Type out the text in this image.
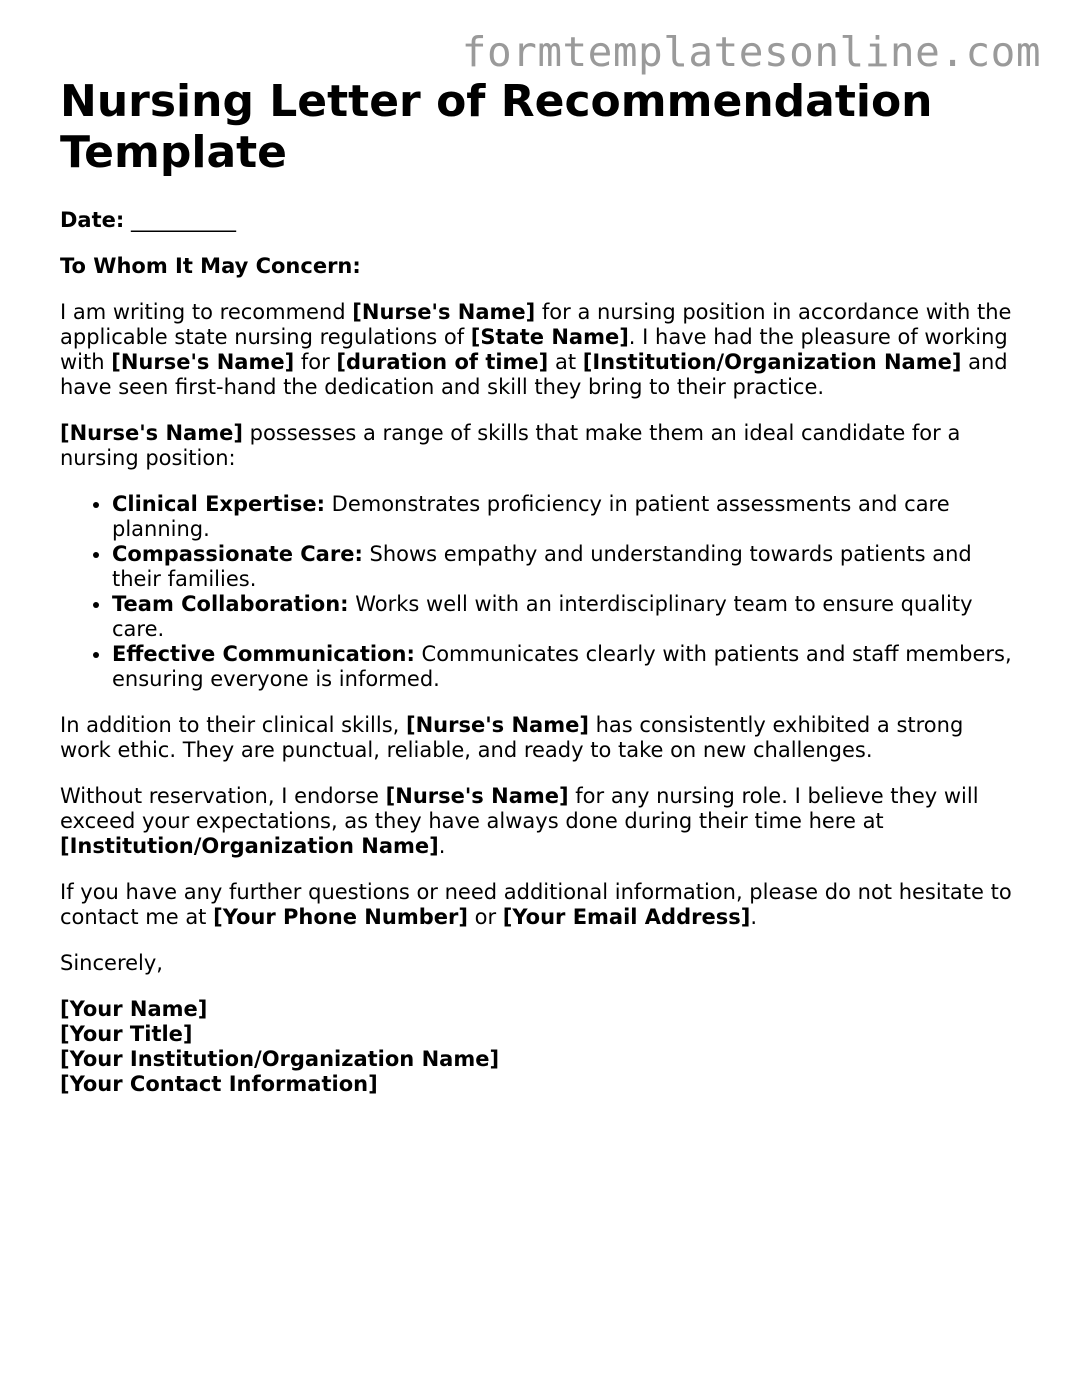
formtemplatesonline.com
Nursing Letter of Recommendation Template

Date: __________

To Whom It May Concern:

I am writing to recommend [Nurse's Name] for a nursing position in accordance with the applicable state nursing regulations of [State Name]. I have had the pleasure of working with [Nurse's Name] for [duration of time] at [Institution/Organization Name] and have seen first-hand the dedication and skill they bring to their practice.

[Nurse's Name] possesses a range of skills that make them an ideal candidate for a nursing position:

• Clinical Expertise: Demonstrates proficiency in patient assessments and care planning.
• Compassionate Care: Shows empathy and understanding towards patients and their families.
• Team Collaboration: Works well with an interdisciplinary team to ensure quality care.
• Effective Communication: Communicates clearly with patients and staff members, ensuring everyone is informed.

In addition to their clinical skills, [Nurse's Name] has consistently exhibited a strong work ethic. They are punctual, reliable, and ready to take on new challenges.

Without reservation, I endorse [Nurse's Name] for any nursing role. I believe they will exceed your expectations, as they have always done during their time here at [Institution/Organization Name].

If you have any further questions or need additional information, please do not hesitate to contact me at [Your Phone Number] or [Your Email Address].

Sincerely,

[Your Name]
[Your Title]
[Your Institution/Organization Name]
[Your Contact Information]
